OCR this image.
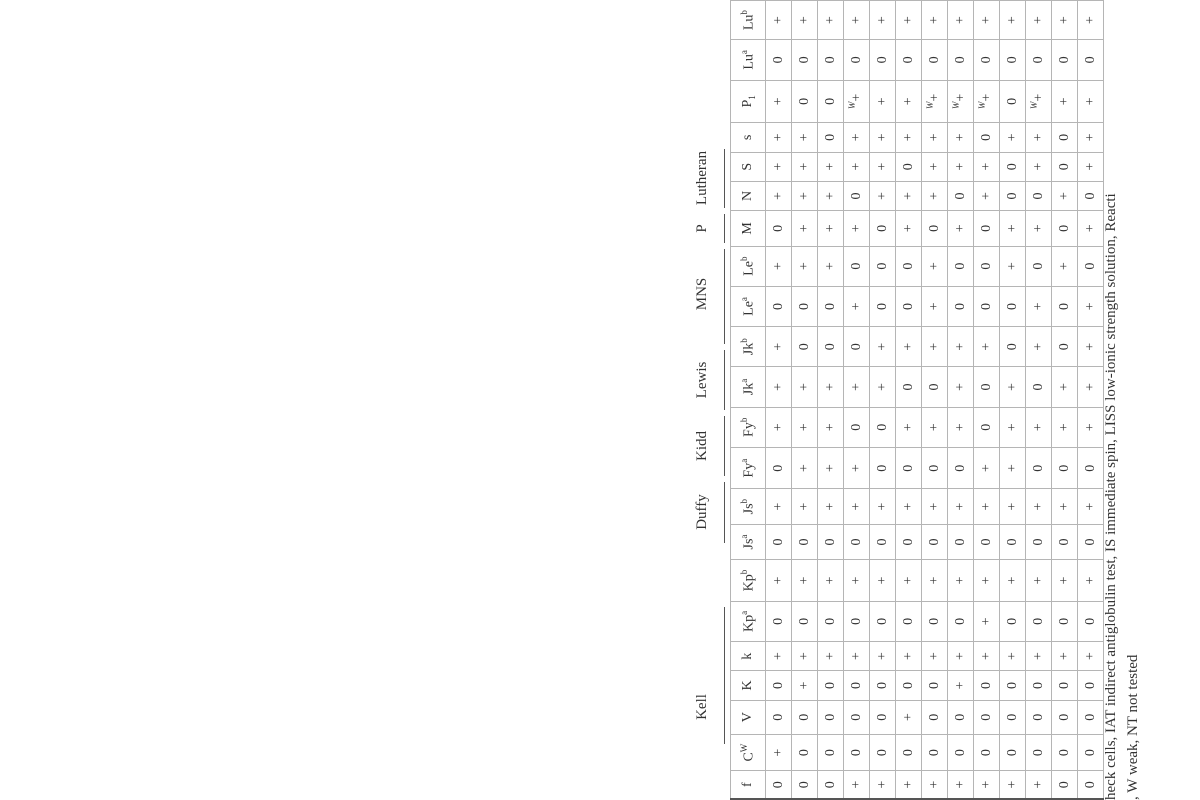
Kell
Duffy
Kidd
Lewis
MNS
P
Lutheran
f	$C^W$	V	K	k	Kp$^a$	Kp$^b$	Js$^a$	Js$^b$	Fy$^a$	Fy$^b$	Jk$^a$	Jk$^b$	Le$^a$	Le$^b$	M	N	S	s	$P_1$	Lu$^a$	Lu$^b$
0	+	0	0	+	0	+	0	+	0	+	+	+	0	+	0	+	+	+	+	0	+
0	0	0	+	+	0	+	0	+	+	+	+	0	0	+	+	+	+	+	0	0	+
0	0	0	0	+	0	+	0	+	+	+	+	0	0	+	+	+	+	0	0	0	+
+	0	0	0	+	0	+	0	+	+	0	+	0	+	0	+	0	+	+	$^W$+	0	+
+	0	0	0	+	0	+	0	+	0	0	+	+	0	0	0	+	+	+	+	0	+
+	0	+	0	+	0	+	0	+	0	+	0	+	0	0	+	+	0	+	+	0	+
+	0	0	0	+	0	+	0	+	0	+	0	+	+	+	0	+	+	+	$^W$+	0	+
+	0	0	+	+	0	+	0	+	0	+	+	+	0	0	+	0	+	+	$^W$+	0	+
+	0	0	0	+	+	+	0	+	+	0	0	+	0	0	0	+	+	0	$^W$+	0	+
+	0	0	0	+	0	+	0	+	+	+	+	0	0	+	+	0	0	+	0	0	+
+	0	0	0	+	0	+	0	+	0	+	0	+	+	0	+	0	+	+	$^W$+	0	+
0	0	0	0	+	0	+	0	+	0	+	+	0	0	+	0	+	0	0	+	0	+
0	0	0	0	+	0	+	0	+	0	+	+	+	+	0	+	0	+	+	+	0	+

heck cells, IAT indirect antiglobulin test, IS immediate spin, LISS low-ionic strength solution, Reacti , W weak, NT not tested
